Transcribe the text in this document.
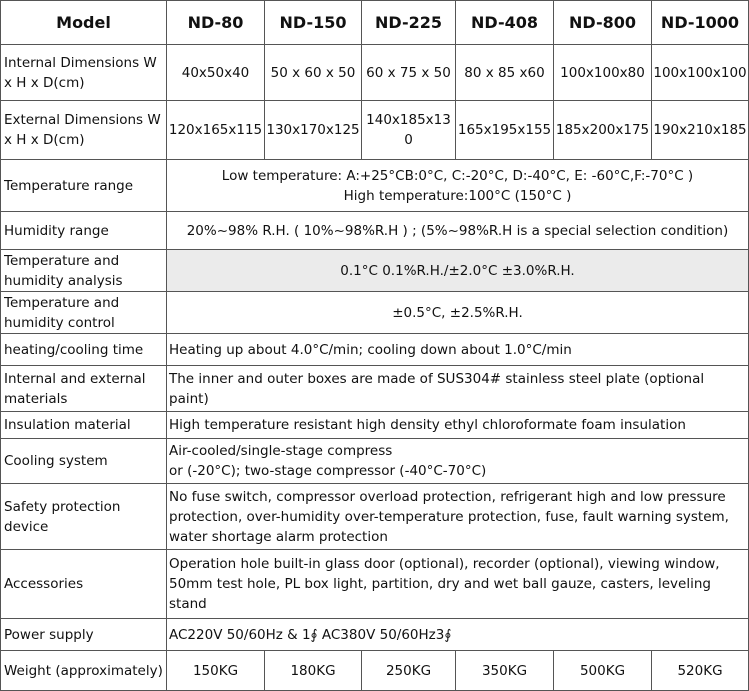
Model	ND-80	ND-150	ND-225	ND-408	ND-800	ND-1000
Internal Dimensions W x H x D(cm)	40x50x40	50 x 60 x 50	60 x 75 x 50	80 x 85 x60	100x100x80	100x100x100
External Dimensions W x H x D(cm)	120x165x115	130x170x125	140x185x130	165x195x155	185x200x175	190x210x185
Temperature range	Low temperature: A:+25°CB:0°C, C:-20°C, D:-40°C, E: -60°C,F:-70°C )
High temperature:100°C (150°C )					

Humidity range	20%~98% R.H. ( 10%~98%R.H ) ; (5%~98%R.H is a special selection condition)					

Temperature and humidity analysis	0.1°C 0.1%R.H./±2.0°C ±3.0%R.H.					

Temperature and humidity control	±0.5°C, ±2.5%R.H.					
heating/cooling time	Heating up about 4.0°C/min; cooling down about 1.0°C/min					
Internal and external materials	The inner and outer boxes are made of SUS304# stainless steel plate (optional paint)					
Insulation material	High temperature resistant high density ethyl chloroformate foam insulation					
Cooling system	Air-cooled/single-stage compress
or (-20°C); two-stage compressor (-40°C-70°C)					

Safety protection device	No fuse switch, compressor overload protection, refrigerant high and low pressure protection, over-humidity over-temperature protection, fuse, fault warning system, water shortage alarm protection					
Accessories	Operation hole built-in glass door (optional), recorder (optional), viewing window, 50mm test hole, PL box light, partition, dry and wet ball gauze, casters, leveling stand					
Power supply	AC220V 50/60Hz & 1∮ AC380V 50/60Hz3∮					
Weight (approximately)	150KG	180KG	250KG	350KG	500KG	520KG
